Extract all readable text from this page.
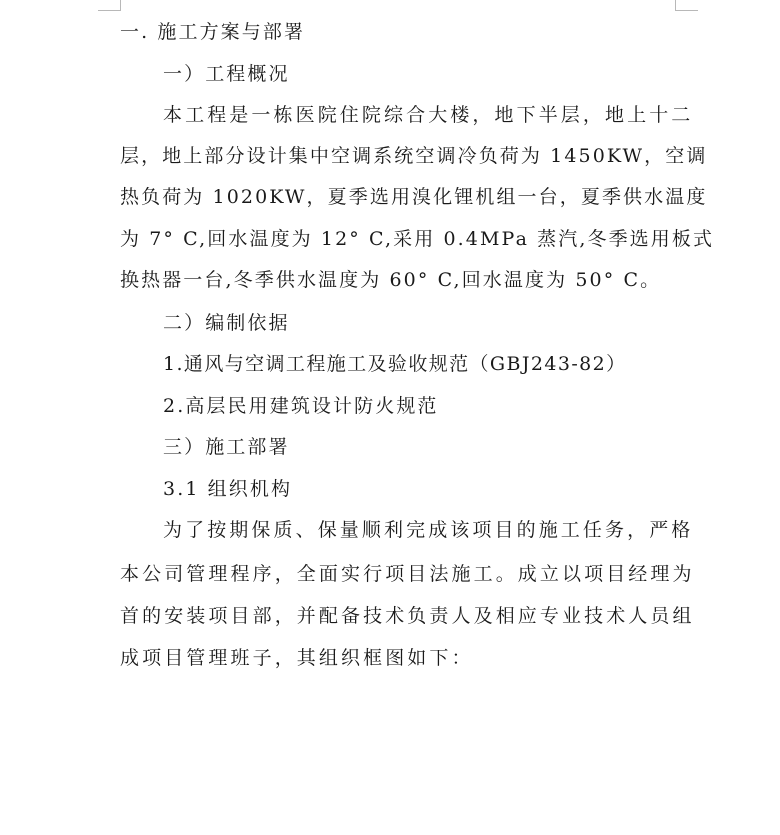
一. 施工方案与部署

一）工程概况

本工程是一栋医院住院综合大楼，地下半层，地上十二

层，地上部分设计集中空调系统空调冷负荷为 1450KW，空调

热负荷为 1020KW，夏季选用溴化锂机组一台，夏季供水温度

为 7° C,回水温度为 12° C,采用 0.4MPa 蒸汽,冬季选用板式

换热器一台,冬季供水温度为 60° C,回水温度为 50° C。

二）编制依据

1.通风与空调工程施工及验收规范（GBJ243-82）

2.高层民用建筑设计防火规范

三）施工部署

3.1 组织机构

为了按期保质、保量顺利完成该项目的施工任务，严格

本公司管理程序，全面实行项目法施工。成立以项目经理为

首的安装项目部，并配备技术负责人及相应专业技术人员组

成项目管理班子，其组织框图如下：
